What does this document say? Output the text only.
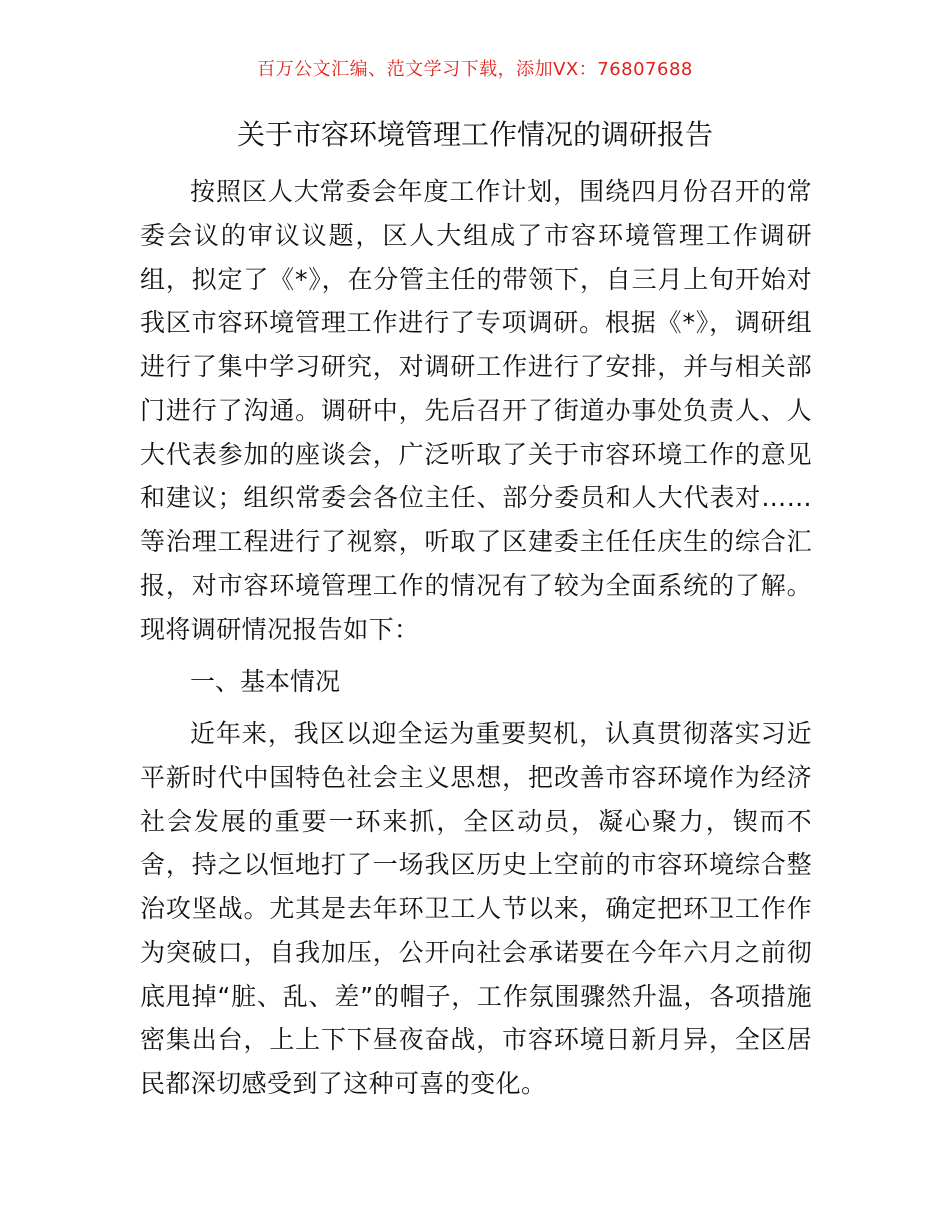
百万公文汇编、范文学习下载，添加VX：76807688
关于市容环境管理工作情况的调研报告

按照区人大常委会年度工作计划，围绕四月份召开的常委会议的审议议题，区人大组成了市容环境管理工作调研组，拟定了《*》，在分管主任的带领下，自三月上旬开始对我区市容环境管理工作进行了专项调研。根据《*》，调研组进行了集中学习研究，对调研工作进行了安排，并与相关部门进行了沟通。调研中，先后召开了街道办事处负责人、人大代表参加的座谈会，广泛听取了关于市容环境工作的意见和建议；组织常委会各位主任、部分委员和人大代表对……等治理工程进行了视察，听取了区建委主任任庆生的综合汇报，对市容环境管理工作的情况有了较为全面系统的了解。现将调研情况报告如下：

一、基本情况

近年来，我区以迎全运为重要契机，认真贯彻落实习近平新时代中国特色社会主义思想，把改善市容环境作为经济社会发展的重要一环来抓，全区动员，凝心聚力，锲而不舍，持之以恒地打了一场我区历史上空前的市容环境综合整治攻坚战。尤其是去年环卫工人节以来，确定把环卫工作作为突破口，自我加压，公开向社会承诺要在今年六月之前彻底甩掉“脏、乱、差”的帽子，工作氛围骤然升温，各项措施密集出台，上上下下昼夜奋战，市容环境日新月异，全区居民都深切感受到了这种可喜的变化。
